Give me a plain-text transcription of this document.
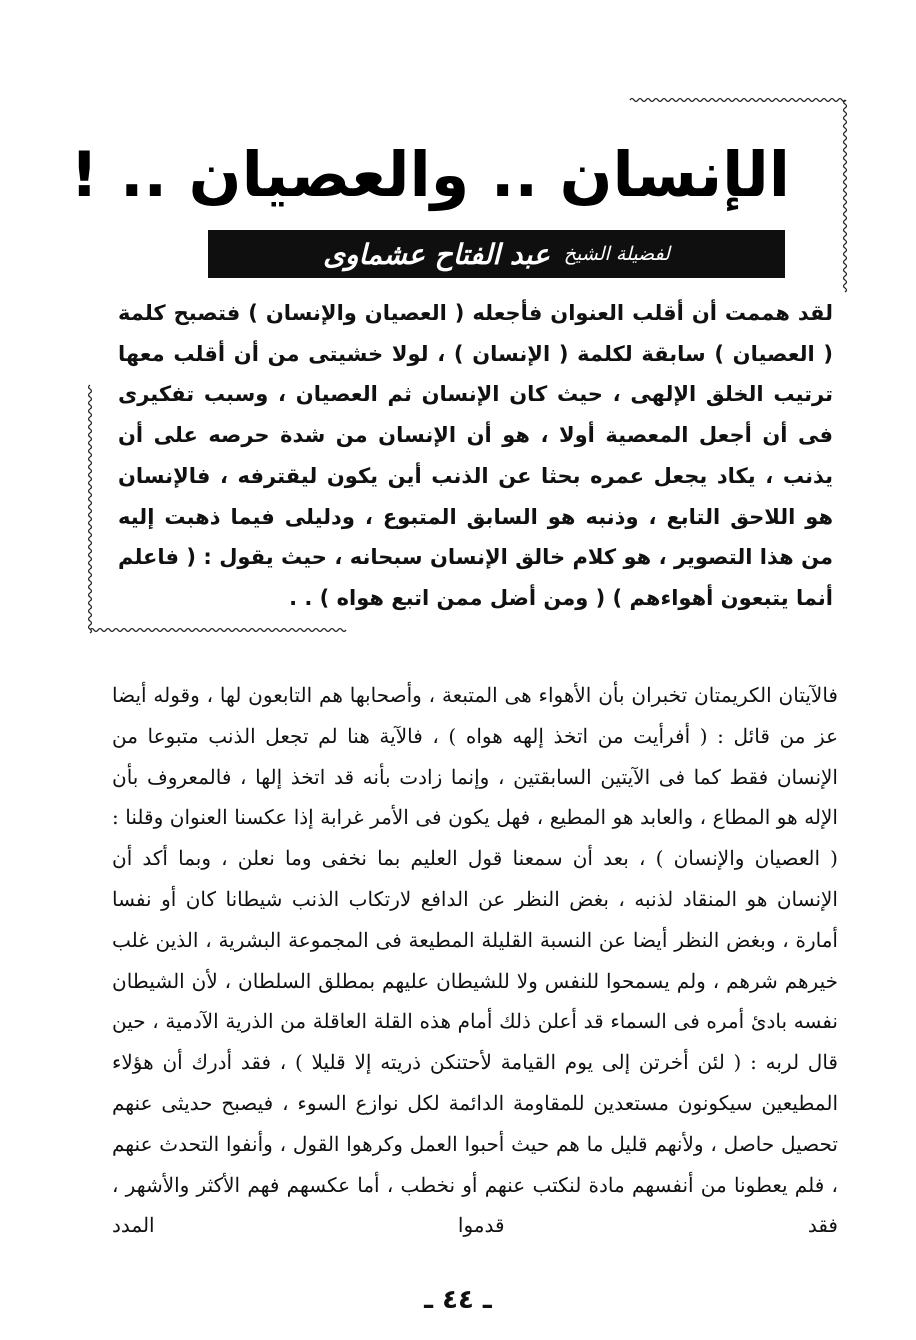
الإنسان .. والعصيان .. !
لفضيلة الشيخ
عبد الفتاح عشماوى

لقد هممت أن أقلب العنوان فأجعله ( العصيان والإنسان ) فتصبح كلمة ( العصيان ) سابقة لكلمة ( الإنسان ) ، لولا خشيتى من أن أقلب معها ترتيب الخلق الإلهى ، حيث كان الإنسان ثم العصيان ، وسبب تفكيرى فى أن أجعل المعصية أولا ، هو أن الإنسان من شدة حرصه على أن يذنب ، يكاد يجعل عمره بحثا عن الذنب أين يكون ليقترفه ، فالإنسان هو اللاحق التابع ، وذنبه هو السابق المتبوع ، ودليلى فيما ذهبت إليه من هذا التصوير ، هو كلام خالق الإنسان سبحانه ، حيث يقول : ( فاعلم أنما يتبعون أهواءهم ) ( ومن أضل ممن اتبع هواه ) . .

فالآيتان الكريمتان تخبران بأن الأهواء هى المتبعة ، وأصحابها هم التابعون لها ، وقوله أيضا عز من قائل : ( أفرأيت من اتخذ إلهه هواه ) ، فالآية هنا لم تجعل الذنب متبوعا من الإنسان فقط كما فى الآيتين السابقتين ، وإنما زادت بأنه قد اتخذ إلها ، فالمعروف بأن الإله هو المطاع ، والعابد هو المطيع ، فهل يكون فى الأمر غرابة إذا عكسنا العنوان وقلنا : ( العصيان والإنسان ) ، بعد أن سمعنا قول العليم بما نخفى وما نعلن ، وبما أكد أن الإنسان هو المنقاد لذنبه ، بغض النظر عن الدافع لارتكاب الذنب شيطانا كان أو نفسا أمارة ، وبغض النظر أيضا عن النسبة القليلة المطيعة فى المجموعة البشرية ، الذين غلب خيرهم شرهم ، ولم يسمحوا للنفس ولا للشيطان عليهم بمطلق السلطان ، لأن الشيطان نفسه بادئ أمره فى السماء قد أعلن ذلك أمام هذه القلة العاقلة من الذرية الآدمية ، حين قال لربه : ( لئن أخرتن إلى يوم القيامة لأحتنكن ذريته إلا قليلا ) ، فقد أدرك أن هؤلاء المطيعين سيكونون مستعدين للمقاومة الدائمة لكل نوازع السوء ، فيصبح حديثى عنهم تحصيل حاصل ، ولأنهم قليل ما هم حيث أحبوا العمل وكرهوا القول ، وأنفوا التحدث عنهم ، فلم يعطونا من أنفسهم مادة لنكتب عنهم أو نخطب ، أما عكسهم فهم الأكثر والأشهر ، فقد قدموا المدد

ـ ٤٤ ـ
